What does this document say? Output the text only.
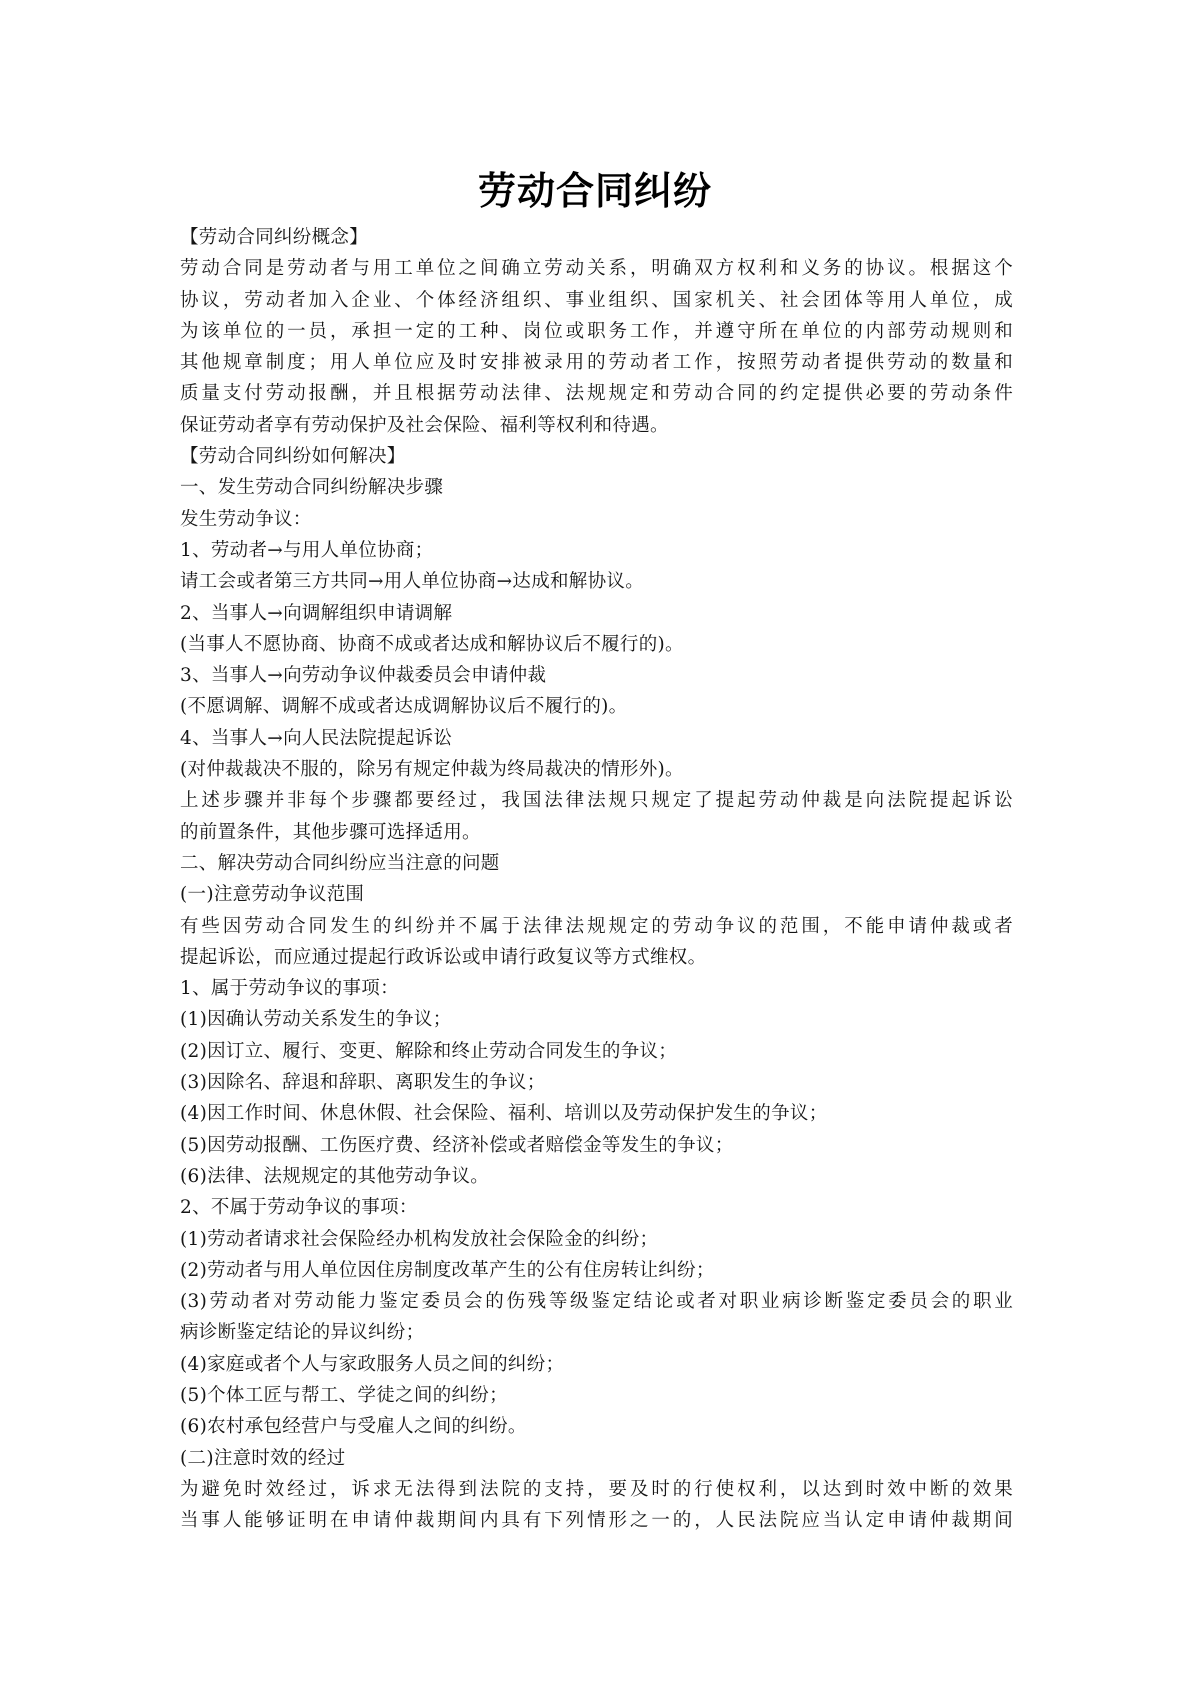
劳动合同纠纷
【劳动合同纠纷概念】
劳动合同是劳动者与用工单位之间确立劳动关系，明确双方权利和义务的协议。根据这个
协议，劳动者加入企业、个体经济组织、事业组织、国家机关、社会团体等用人单位，成
为该单位的一员，承担一定的工种、岗位或职务工作，并遵守所在单位的内部劳动规则和
其他规章制度；用人单位应及时安排被录用的劳动者工作，按照劳动者提供劳动的数量和
质量支付劳动报酬，并且根据劳动法律、法规规定和劳动合同的约定提供必要的劳动条件
保证劳动者享有劳动保护及社会保险、福利等权利和待遇。
【劳动合同纠纷如何解决】
一、发生劳动合同纠纷解决步骤
发生劳动争议：
1、劳动者→与用人单位协商；
请工会或者第三方共同→用人单位协商→达成和解协议。
2、当事人→向调解组织申请调解
(当事人不愿协商、协商不成或者达成和解协议后不履行的)。
3、当事人→向劳动争议仲裁委员会申请仲裁
(不愿调解、调解不成或者达成调解协议后不履行的)。
4、当事人→向人民法院提起诉讼
(对仲裁裁决不服的，除另有规定仲裁为终局裁决的情形外)。
上述步骤并非每个步骤都要经过，我国法律法规只规定了提起劳动仲裁是向法院提起诉讼
的前置条件，其他步骤可选择适用。
二、解决劳动合同纠纷应当注意的问题
(一)注意劳动争议范围
有些因劳动合同发生的纠纷并不属于法律法规规定的劳动争议的范围，不能申请仲裁或者
提起诉讼，而应通过提起行政诉讼或申请行政复议等方式维权。
1、属于劳动争议的事项：
(1)因确认劳动关系发生的争议；
(2)因订立、履行、变更、解除和终止劳动合同发生的争议；
(3)因除名、辞退和辞职、离职发生的争议；
(4)因工作时间、休息休假、社会保险、福利、培训以及劳动保护发生的争议；
(5)因劳动报酬、工伤医疗费、经济补偿或者赔偿金等发生的争议；
(6)法律、法规规定的其他劳动争议。
2、不属于劳动争议的事项：
(1)劳动者请求社会保险经办机构发放社会保险金的纠纷；
(2)劳动者与用人单位因住房制度改革产生的公有住房转让纠纷；
(3)劳动者对劳动能力鉴定委员会的伤残等级鉴定结论或者对职业病诊断鉴定委员会的职业
病诊断鉴定结论的异议纠纷；
(4)家庭或者个人与家政服务人员之间的纠纷；
(5)个体工匠与帮工、学徒之间的纠纷；
(6)农村承包经营户与受雇人之间的纠纷。
(二)注意时效的经过
为避免时效经过，诉求无法得到法院的支持，要及时的行使权利，以达到时效中断的效果
当事人能够证明在申请仲裁期间内具有下列情形之一的，人民法院应当认定申请仲裁期间
